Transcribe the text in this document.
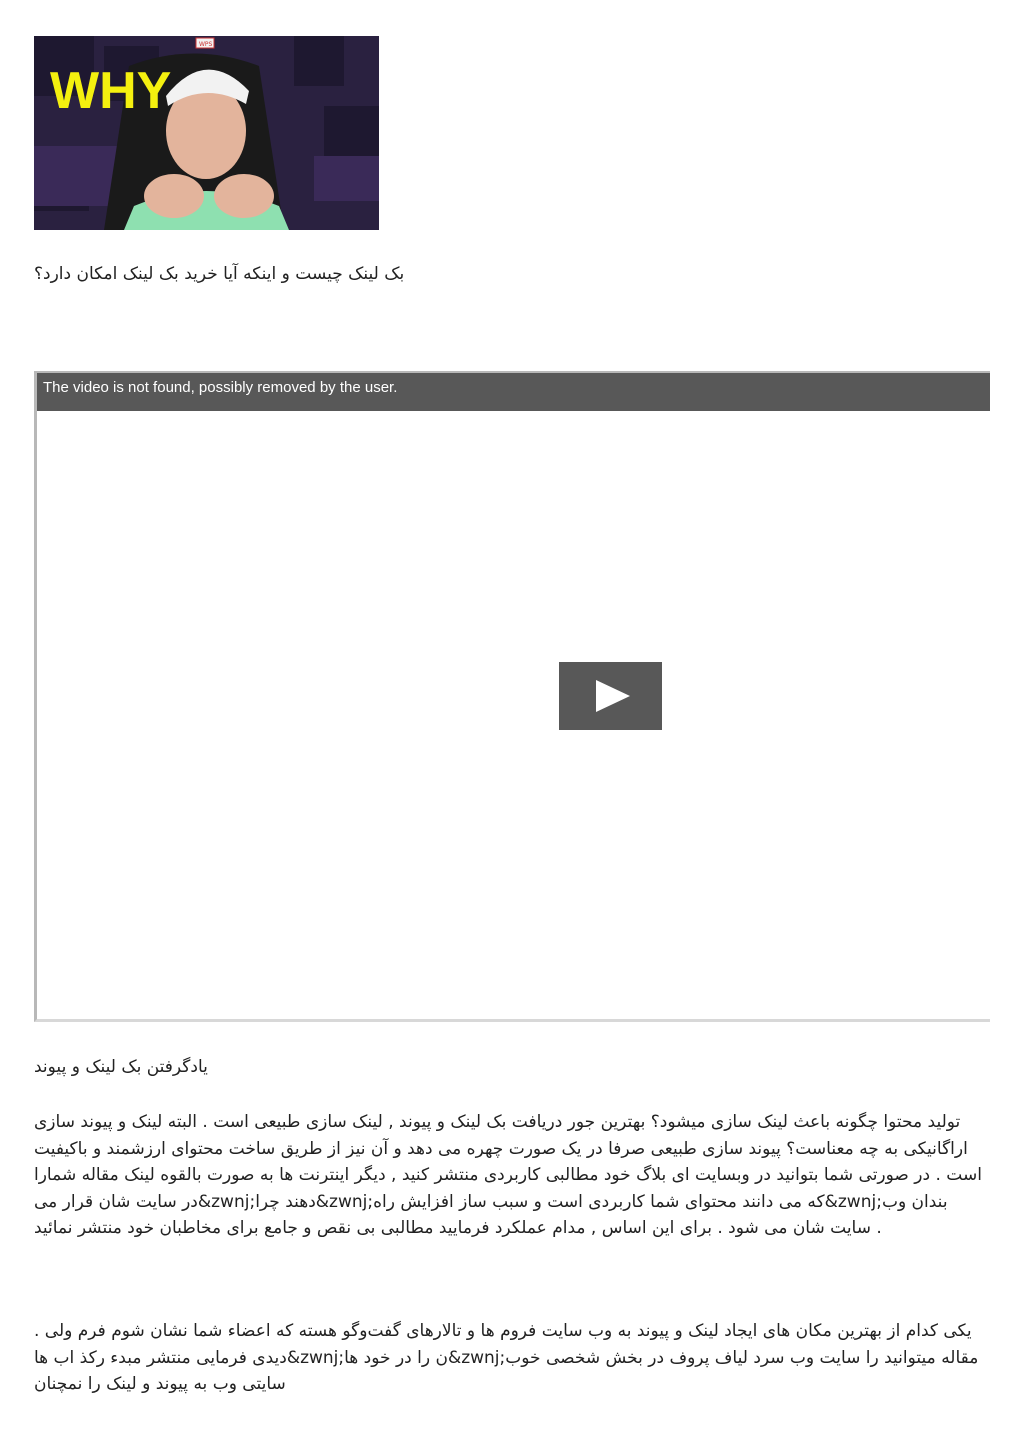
WHY
WPS
بک لینک چیست و اینکه آیا خرید بک لینک امکان دارد؟
The video is not found, possibly removed by the user.
یادگرفتن بک لینک و پیوند

تولید محتوا چگونه باعث لینک سازی میشود؟ بهترین جور دریافت بک لینک و پیوند , لینک سازی طبیعی است . البته لینک و پیوند سازی اراگانیکی به چه معناست؟ پیوند سازی طبیعی صرفا در یک صورت چهره می دهد و آن نیز از طریق ساخت محتوای ارزشمند و باکیفیت است . در صورتی شما بتوانید در وبسایت ای بلاگ خود مطالبی کاربردی منتشر کنید , دیگر اینترنت ها به صورت بالقوه لینک مقاله شمارا در سایت شان قرار می&zwnj;دهند چرا&zwnj;که می دانند محتوای شما کاربردی است و سبب ساز افزایش راه&zwnj;بندان وب سایت شان می شود . برای این اساس , مدام عملکرد فرمایید مطالبی بی نقص و جامع برای مخاطبان خود منتشر نمائید .

یکی کدام از بهترین مکان های ایجاد لینک و پیوند به وب سایت فروم ها و تالارهای گفت‌وگو هسته که اعضاء شما نشان شوم فرم ولی . دیدی فرمایی منتشر مبدء رکذ اب ها&zwnj;ن را در خود ها&zwnj;مقاله میتوانید را سایت وب سرد لیاف پروف در بخش شخصی خوب سایتی وب به پیوند و لینک را نمچنان
